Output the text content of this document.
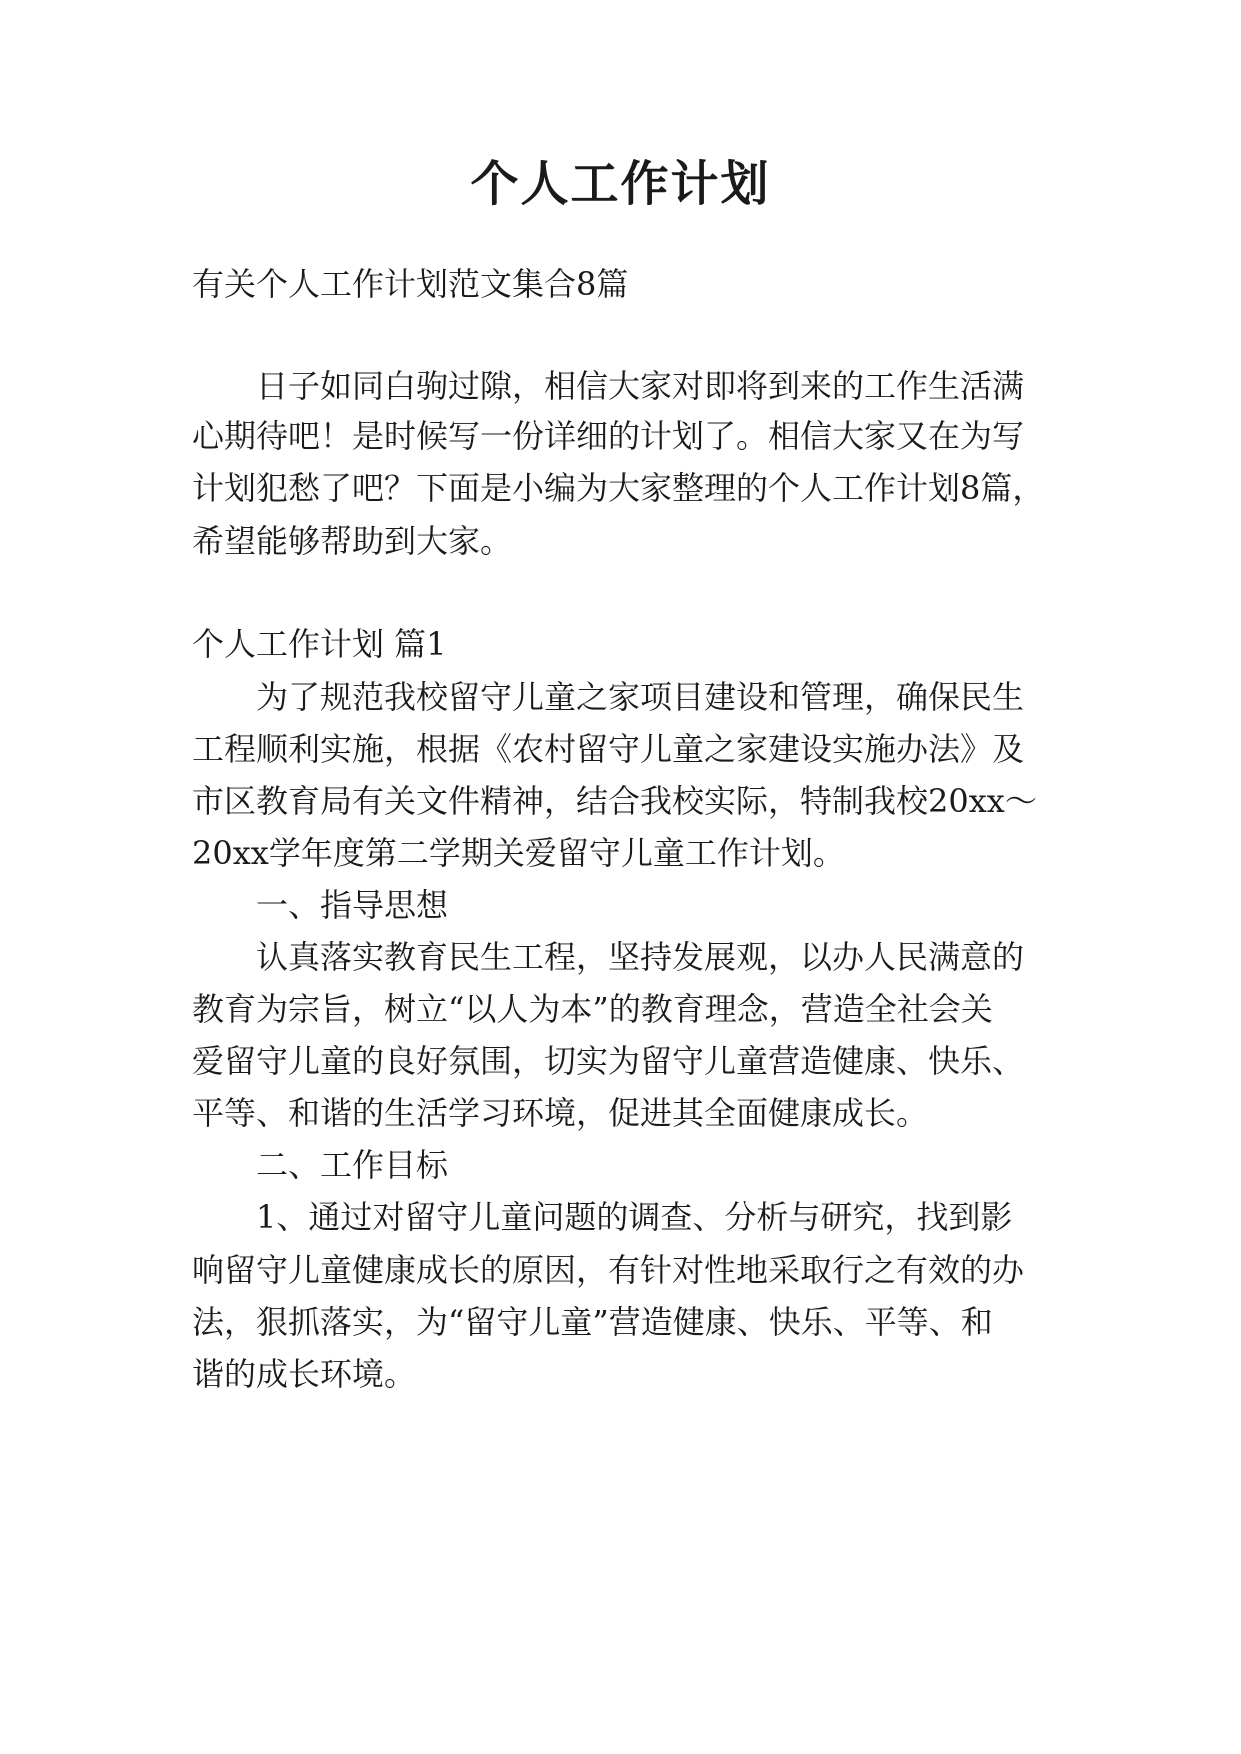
个人工作计划
有关个人工作计划范文集合8篇
日子如同白驹过隙，相信大家对即将到来的工作生活满
心期待吧！是时候写一份详细的计划了。相信大家又在为写
计划犯愁了吧？下面是小编为大家整理的个人工作计划8篇，
希望能够帮助到大家。
个人工作计划 篇1
为了规范我校留守儿童之家项目建设和管理，确保民生
工程顺利实施，根据《农村留守儿童之家建设实施办法》及
市区教育局有关文件精神，结合我校实际，特制我校20xx～
20xx学年度第二学期关爱留守儿童工作计划。
一、指导思想
认真落实教育民生工程，坚持发展观，以办人民满意的
教育为宗旨，树立“以人为本”的教育理念，营造全社会关
爱留守儿童的良好氛围，切实为留守儿童营造健康、快乐、
平等、和谐的生活学习环境，促进其全面健康成长。
二、工作目标
1、通过对留守儿童问题的调查、分析与研究，找到影
响留守儿童健康成长的原因，有针对性地采取行之有效的办
法，狠抓落实，为“留守儿童”营造健康、快乐、平等、和
谐的成长环境。
